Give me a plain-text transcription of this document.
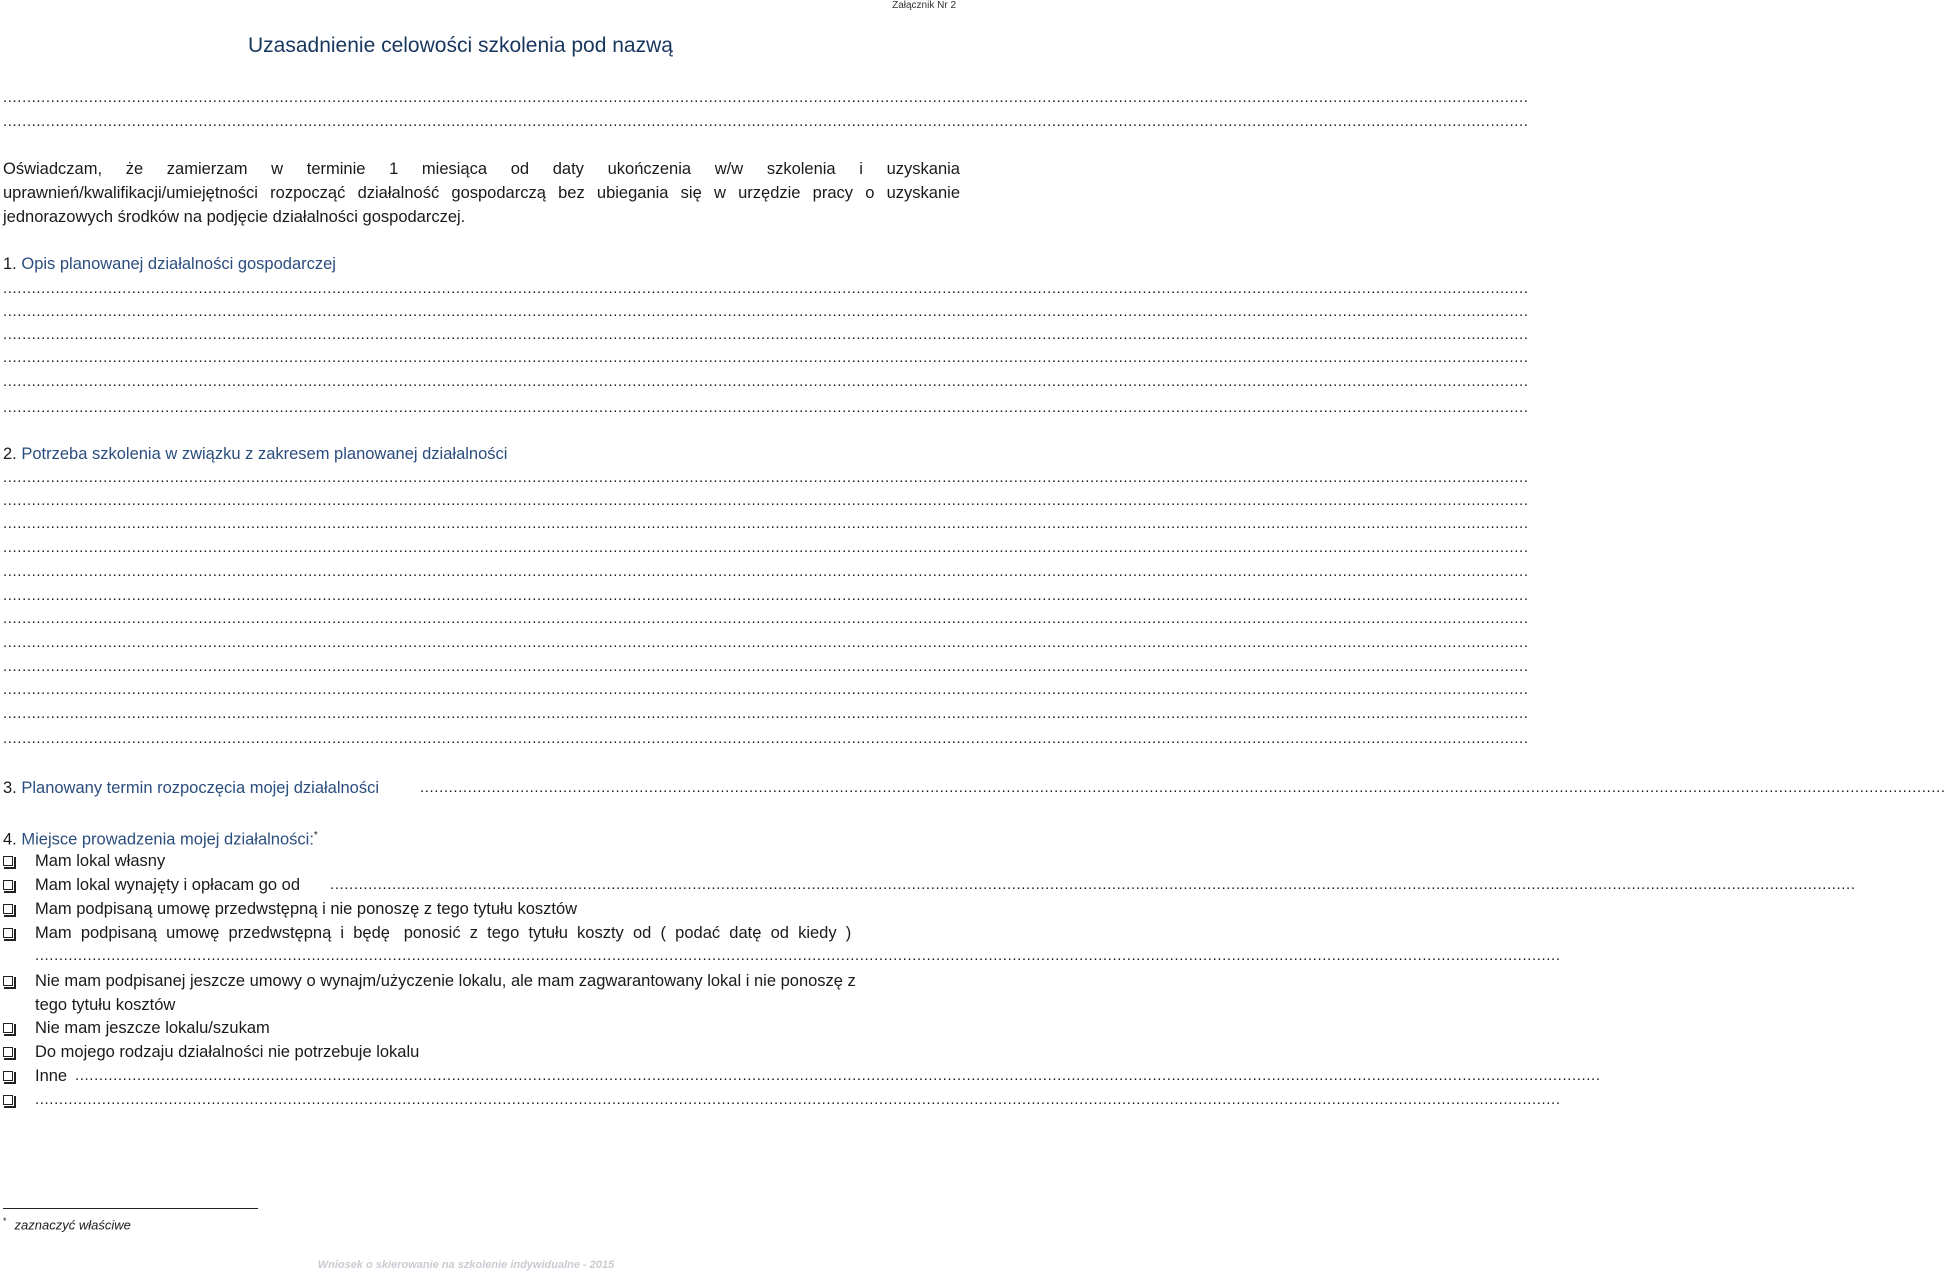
Załącznik Nr 2
Uzasadnienie celowości szkolenia pod nazwą
................................................................................................................................................................................................................................................................................................................................
................................................................................................................................................................................................................................................................................................................................
Oświadczam, że zamierzam w terminie 1 miesiąca od daty ukończenia w/w szkolenia i uzyskania
uprawnień/kwalifikacji/umiejętności rozpocząć działalność gospodarczą bez ubiegania się w urzędzie pracy o uzyskanie
jednorazowych środków na podjęcie działalności gospodarczej.
1. Opis planowanej działalności gospodarczej
................................................................................................................................................................................................................................................................................................................................
................................................................................................................................................................................................................................................................................................................................
................................................................................................................................................................................................................................................................................................................................
................................................................................................................................................................................................................................................................................................................................
................................................................................................................................................................................................................................................................................................................................
................................................................................................................................................................................................................................................................................................................................
2. Potrzeba szkolenia w związku z zakresem planowanej działalności
................................................................................................................................................................................................................................................................................................................................
................................................................................................................................................................................................................................................................................................................................
................................................................................................................................................................................................................................................................................................................................
................................................................................................................................................................................................................................................................................................................................
................................................................................................................................................................................................................................................................................................................................
................................................................................................................................................................................................................................................................................................................................
................................................................................................................................................................................................................................................................................................................................
................................................................................................................................................................................................................................................................................................................................
................................................................................................................................................................................................................................................................................................................................
................................................................................................................................................................................................................................................................................................................................
................................................................................................................................................................................................................................................................................................................................
................................................................................................................................................................................................................................................................................................................................
3. Planowany termin rozpoczęcia mojej działalności	................................................................................................................................................................................................................................................................................................................................
4. Miejsce prowadzenia mojej działalności:*
Mam lokal własny
Mam lokal wynajęty i opłacam go od ................................................................................................................................................................................................................................................................................................................................
Mam podpisaną umowę przedwstępną i nie ponoszę z tego tytułu kosztów
Mam  podpisaną  umowę  przedwstępną  i  będę   ponosić  z  tego  tytułu  koszty  od  (  podać  datę  od  kiedy  )
................................................................................................................................................................................................................................................................................................................................
Nie mam podpisanej jeszcze umowy o wynajm/użyczenie lokalu, ale mam zagwarantowany lokal i nie ponoszę z
tego tytułu kosztów
Nie mam jeszcze lokalu/szukam
Do mojego rodzaju działalności nie potrzebuje lokalu
Inne ................................................................................................................................................................................................................................................................................................................................
................................................................................................................................................................................................................................................................................................................................
* zaznaczyć właściwe
Wniosek o skierowanie na szkolenie indywidualne - 2015
